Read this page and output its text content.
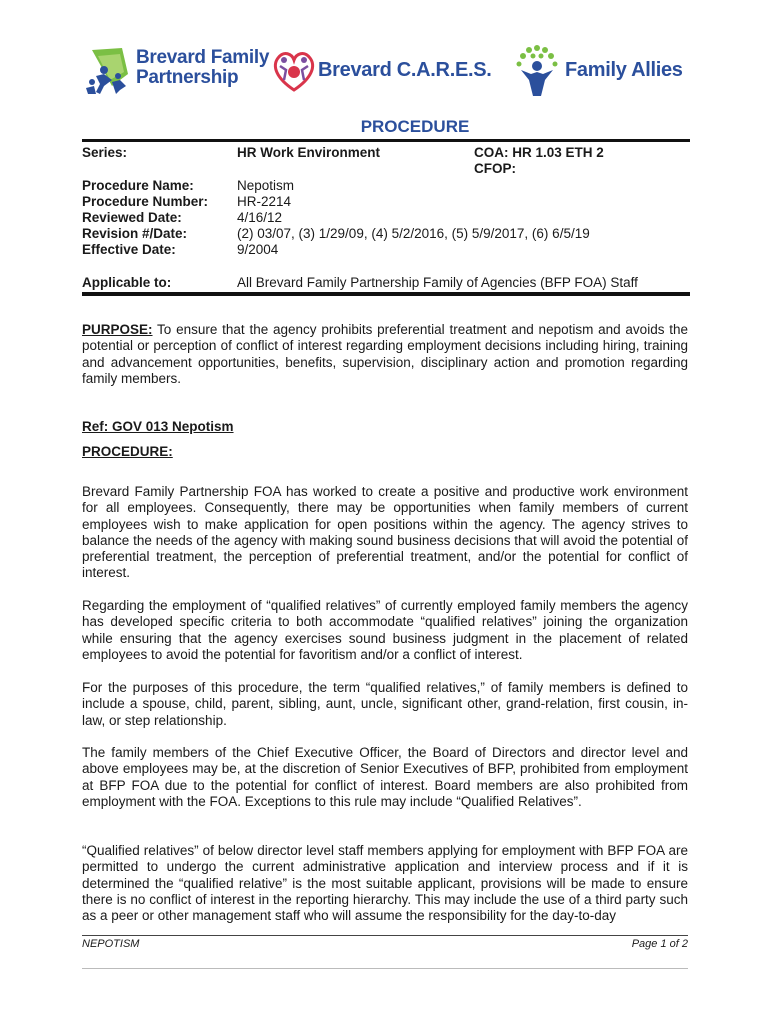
Brevard Family
Partnership	Brevard C.A.R.E.S.	Family Allies
PROCEDURE
Series:	HR Work Environment	COA: HR 1.03 ETH 2
CFOP:
Procedure Name:	Nepotism
Procedure Number: HR-2214
Reviewed Date:	4/16/12
Revision #/Date:	(2) 03/07, (3) 1/29/09, (4) 5/2/2016, (5) 5/9/2017, (6) 6/5/19
Effective Date:	9/2004
Applicable to:	All Brevard Family Partnership Family of Agencies (BFP FOA) Staff
PURPOSE: To ensure that the agency prohibits preferential treatment and nepotism and avoids the potential or perception of conflict of interest regarding employment decisions including hiring, training and advancement opportunities, benefits, supervision, disciplinary action and promotion regarding family members.
Ref: GOV 013 Nepotism
PROCEDURE:
Brevard Family Partnership FOA has worked to create a positive and productive work environment for all employees. Consequently, there may be opportunities when family members of current employees wish to make application for open positions within the agency. The agency strives to balance the needs of the agency with making sound business decisions that will avoid the potential of preferential treatment, the perception of preferential treatment, and/or the potential for conflict of interest.
Regarding the employment of “qualified relatives” of currently employed family members the agency has developed specific criteria to both accommodate “qualified relatives” joining the organization while ensuring that the agency exercises sound business judgment in the placement of related employees to avoid the potential for favoritism and/or a conflict of interest.
For the purposes of this procedure, the term “qualified relatives,” of family members is defined to include a spouse, child, parent, sibling, aunt, uncle, significant other, grand-relation, first cousin, in-law, or step relationship.
The family members of the Chief Executive Officer, the Board of Directors and director level and above employees may be, at the discretion of Senior Executives of BFP, prohibited from employment at BFP FOA due to the potential for conflict of interest. Board members are also prohibited from employment with the FOA. Exceptions to this rule may include “Qualified Relatives”.
“Qualified relatives” of below director level staff members applying for employment with BFP FOA are permitted to undergo the current administrative application and interview process and if it is determined the “qualified relative” is the most suitable applicant, provisions will be made to ensure there is no conflict of interest in the reporting hierarchy. This may include the use of a third party such as a peer or other management staff who will assume the responsibility for the day-to-day
NEPOTISM	Page 1 of 2
